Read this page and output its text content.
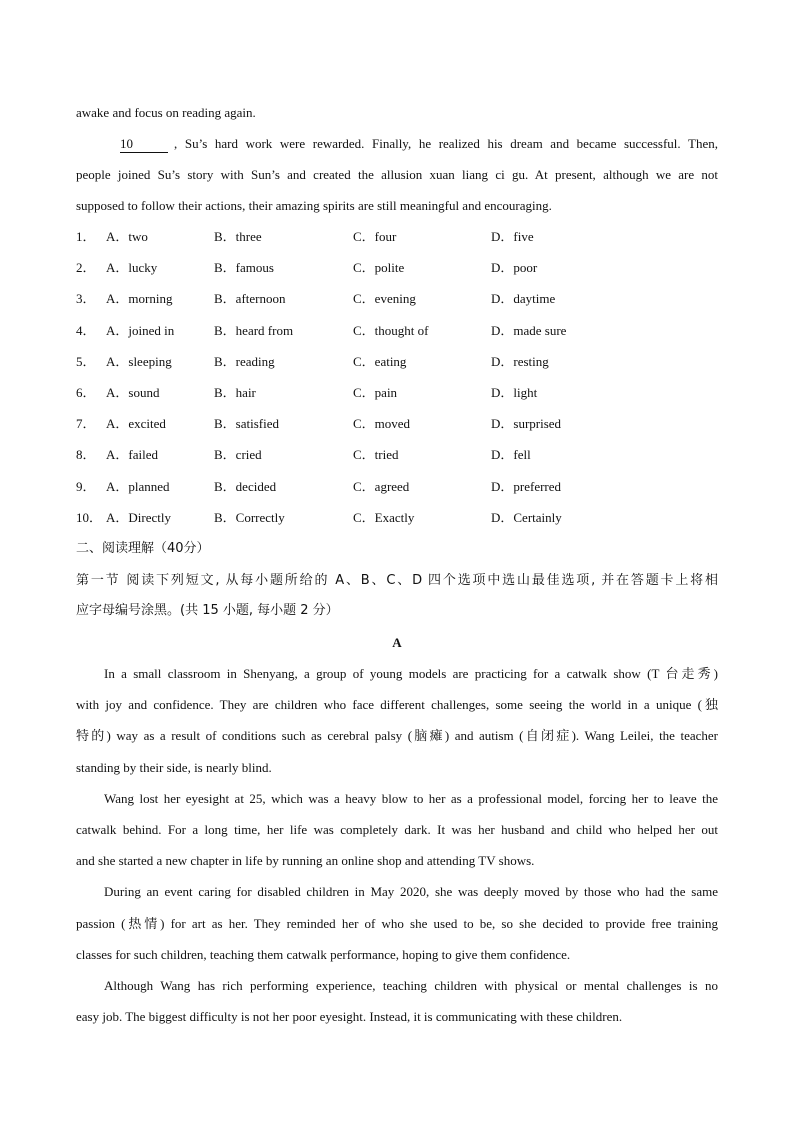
awake and focus on reading again.
10	, Su’s hard work were rewarded. Finally, he realized his dream and became successful. Then,
people joined Su’s story with Sun’s and created the allusion xuan liang ci gu. At present, although we are not
supposed to follow their actions, their amazing spirits are still meaningful and encouraging.
1． A．two	B．three	C．four	D．five
2． A．lucky	B．famous	C．polite	D．poor
3． A．morning	B．afternoon	C．evening	D．daytime
4． A．joined in	B．heard from	C．thought of	D．made sure
5． A．sleeping	B．reading	C．eating	D．resting
6． A．sound	B．hair	C．pain	D．light
7． A．excited	B．satisfied	C．moved	D．surprised
8． A．failed	B．cried	C．tried	D．fell
9． A．planned	B．decided	C．agreed	D．preferred
10． A．Directly	B．Correctly	C．Exactly	D．Certainly
二、阅读理解（40分）
第一节 阅读下列短文, 从每小题所给的 A、B、C、D 四个选项中选山最佳选项, 并在答题卡上将相
应字母编号涂黑。(共 15 小题, 每小题 2 分）
A
In a small classroom in Shenyang, a group of young models are practicing for a catwalk show (T 台走秀)
with joy and confidence. They are children who face different challenges, some seeing the world in a unique (独
特的) way as a result of conditions such as cerebral palsy (脑瘫) and autism (自闭症). Wang Leilei, the teacher
standing by their side, is nearly blind.
Wang lost her eyesight at 25, which was a heavy blow to her as a professional model, forcing her to leave the
catwalk behind. For a long time, her life was completely dark. It was her husband and child who helped her out
and she started a new chapter in life by running an online shop and attending TV shows.
During an event caring for disabled children in May 2020, she was deeply moved by those who had the same
passion (热情) for art as her. They reminded her of who she used to be, so she decided to provide free training
classes for such children, teaching them catwalk performance, hoping to give them confidence.
Although Wang has rich performing experience, teaching children with physical or mental challenges is no
easy job. The biggest difficulty is not her poor eyesight. Instead, it is communicating with these children.
